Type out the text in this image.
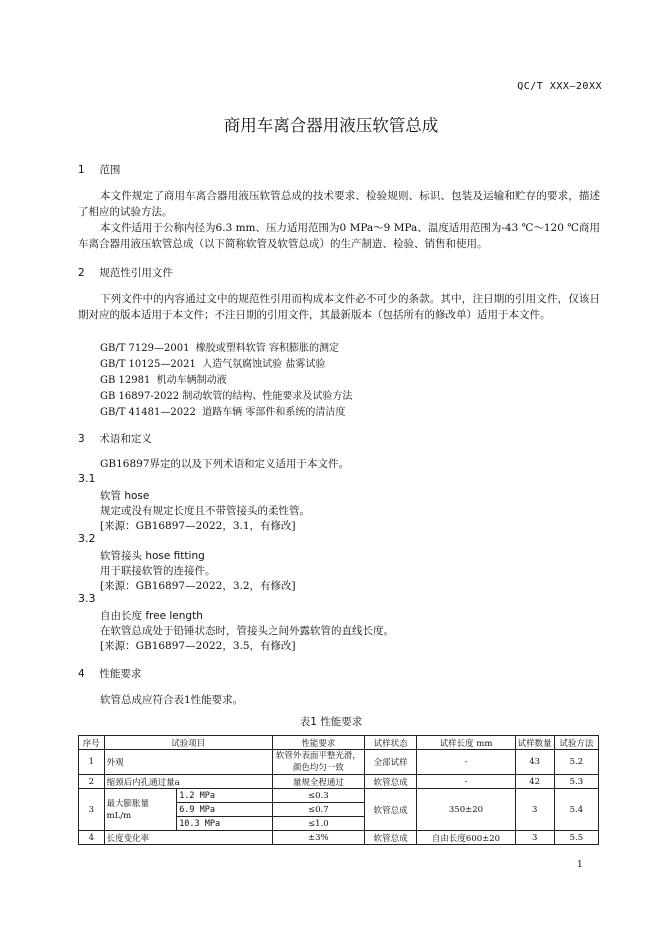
QC/T XXX—20XX
商用车离合器用液压软管总成
1 范围
本文件规定了商用车离合器用液压软管总成的技术要求、检验规则、标识、包装及运输和贮存的要求，描述了相应的试验方法。
本文件适用于公称内径为6.3 mm、压力适用范围为0 MPa～9 MPa、温度适用范围为-43 ℃～120 ℃商用车离合器用液压软管总成（以下简称软管及软管总成）的生产制造、检验、销售和使用。
2 规范性引用文件
下列文件中的内容通过文中的规范性引用而构成本文件必不可少的条款。其中，注日期的引用文件，仅该日期对应的版本适用于本文件；不注日期的引用文件，其最新版本（包括所有的修改单）适用于本文件。
GB/T 7129—2001  橡胶或塑料软管 容积膨胀的测定
GB/T 10125—2021  人造气氛腐蚀试验 盐雾试验
GB 12981  机动车辆制动液
GB 16897-2022 制动软管的结构、性能要求及试验方法
GB/T 41481—2022  道路车辆 零部件和系统的清洁度
3 术语和定义
GB16897界定的以及下列术语和定义适用于本文件。
3.1
软管 hose
规定或没有规定长度且不带管接头的柔性管。
[来源：GB16897—2022，3.1，有修改]
3.2
软管接头 hose fitting
用于联接软管的连接件。
[来源：GB16897—2022，3.2，有修改]
3.3
自由长度 free length
在软管总成处于铅锤状态时，管接头之间外露软管的直线长度。
[来源：GB16897—2022，3.5，有修改]
4 性能要求
软管总成应符合表1性能要求。
表1 性能要求
序号	试验项目		性能要求	试样状态	试样长度 mm	试样数量	试验方法
1	外观		软管外表面平整光滑，颜色均匀一致	全部试样	-	43	5.2
2	缩颈后内孔通过量a		量规全程通过	软管总成	-	42	5.3
3	最大膨胀量 mL/m	1.2 MPa	≤0.3	软管总成	350±20	3	5.4
		6.9 MPa	≤0.7				
		10.3 MPa	≤1.0				
4	长度变化率		±3%	软管总成	自由长度600±20	3	5.5
1
